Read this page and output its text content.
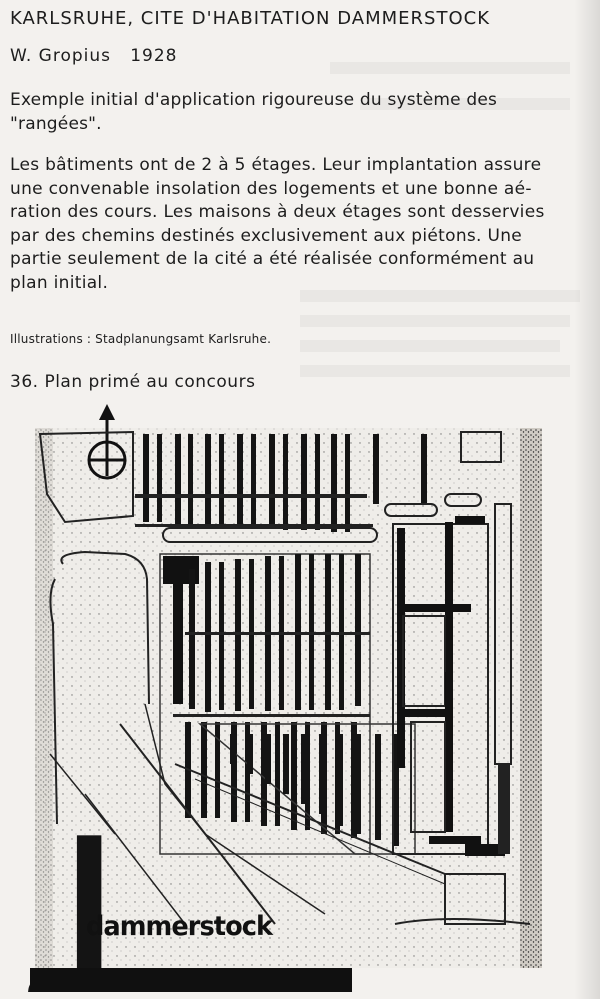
KARLSRUHE, CITE D'HABITATION DAMMERSTOCK
W. Gropius   1928
Exemple initial d'application rigoureuse du système des "rangées".
Les bâtiments ont de 2 à 5 étages. Leur implantation assure
une convenable insolation des logements et une bonne aé-
ration des cours. Les maisons à deux étages sont desservies
par des chemins destinés exclusivement aux piétons. Une
partie seulement de la cité a été réalisée conformément au
plan initial.
Illustrations : Stadplanungsamt Karlsruhe.
36. Plan primé au concours
dammerstock
